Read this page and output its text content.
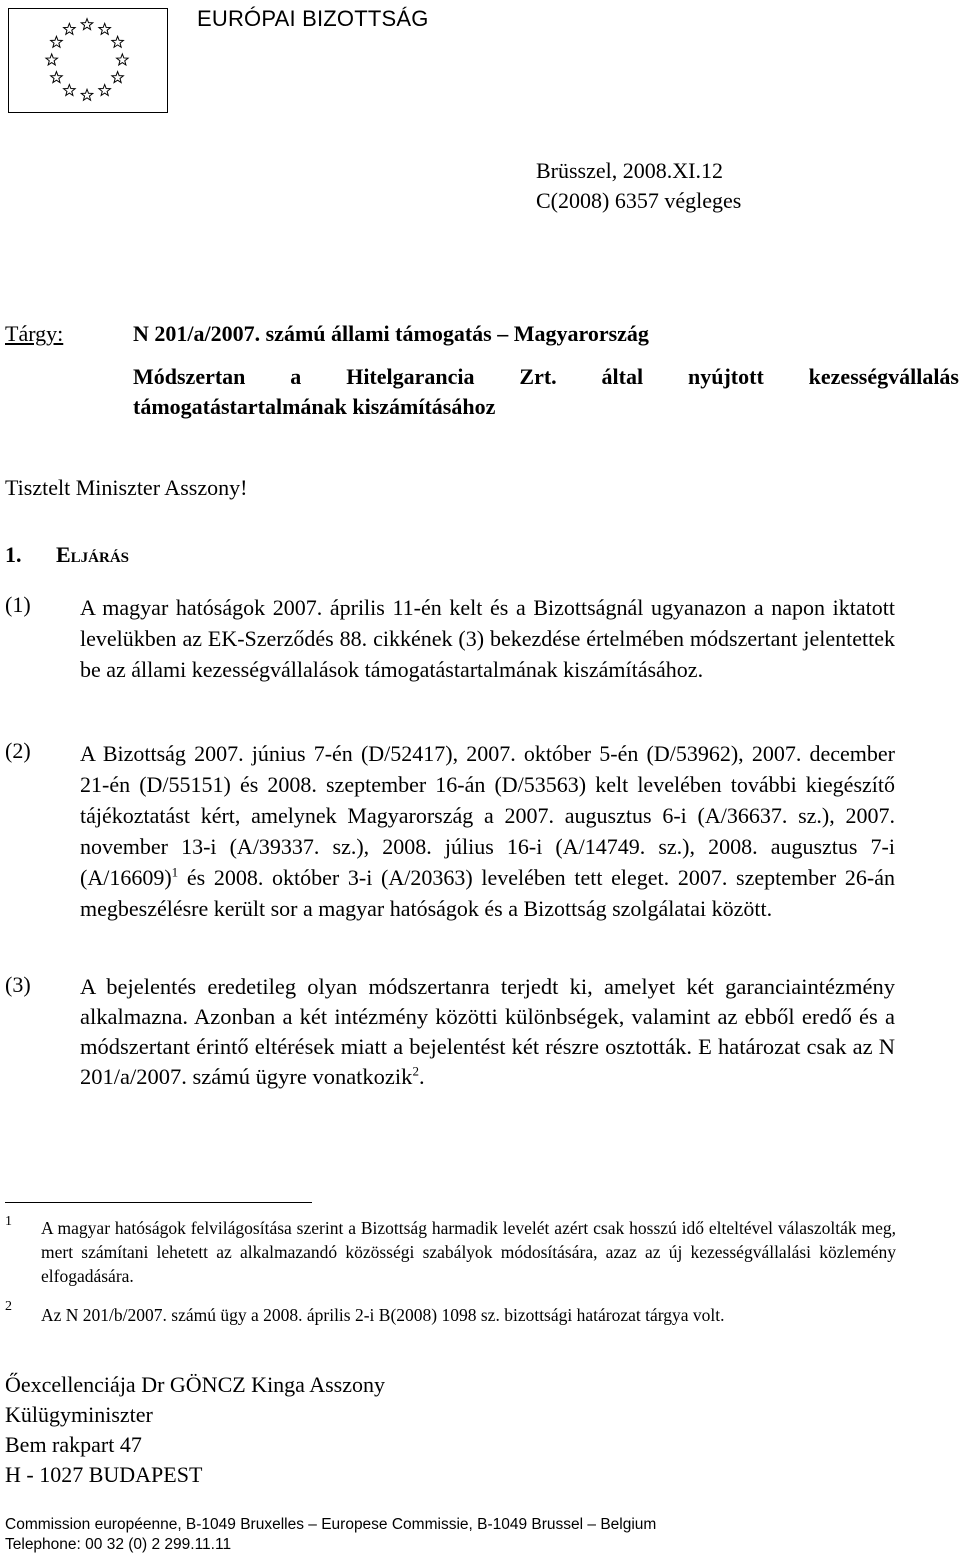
EURÓPAI BIZOTTSÁG
Brüsszel, 2008.XI.12
C(2008) 6357 végleges
Tárgy:	N 201/a/2007. számú állami támogatás – Magyarország
Módszertan a Hitelgarancia Zrt. által nyújtott kezességvállalás
támogatástartalmának kiszámításához
Tisztelt Miniszter Asszony!
1. Eljárás
(1) A magyar hatóságok 2007. április 11-én kelt és a Bizottságnál ugyanazon a napon iktatott levelükben az EK-Szerződés 88. cikkének (3) bekezdése értelmében módszertant jelentettek be az állami kezességvállalások támogatástartalmának kiszámításához.
(2) A Bizottság 2007. június 7-én (D/52417), 2007. október 5-én (D/53962), 2007. december 21-én (D/55151) és 2008. szeptember 16-án (D/53563) kelt levelében további kiegészítő tájékoztatást kért, amelynek Magyarország a 2007. augusztus 6-i (A/36637. sz.), 2007. november 13-i (A/39337. sz.), 2008. július 16-i (A/14749. sz.), 2008. augusztus 7-i $(A/16609)^1$ és 2008. október 3-i (A/20363) levelében tett eleget. 2007. szeptember 26-án megbeszélésre került sor a magyar hatóságok és a Bizottság szolgálatai között.
(3) A bejelentés eredetileg olyan módszertanra terjedt ki, amelyet két garanciaintézmény alkalmazna. Azonban a két intézmény közötti különbségek, valamint az ebből eredő és a módszertant érintő eltérések miatt a bejelentést két részre osztották. E határozat csak az N 201/a/2007. számú ügyre vonatkozik$^2$.
1 A magyar hatóságok felvilágosítása szerint a Bizottság harmadik levelét azért csak hosszú idő elteltével válaszolták meg, mert számítani lehetett az alkalmazandó közösségi szabályok módosítására, azaz az új kezességvállalási közlemény elfogadására.
2 Az N 201/b/2007. számú ügy a 2008. április 2-i B(2008) 1098 sz. bizottsági határozat tárgya volt.
Őexcellenciája Dr GÖNCZ Kinga Asszony
Külügyminiszter
Bem rakpart 47
H - 1027 BUDAPEST
Commission européenne, B-1049 Bruxelles – Europese Commissie, B-1049 Brussel – Belgium
Telephone: 00 32 (0) 2 299.11.11
